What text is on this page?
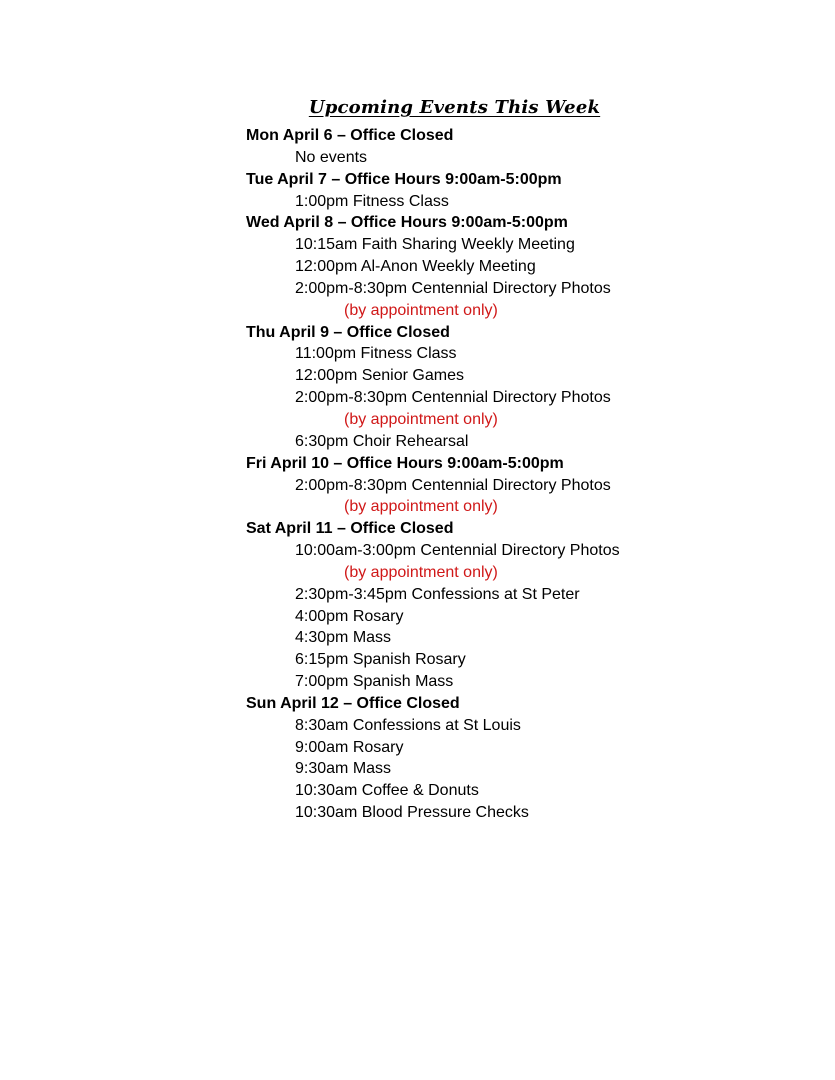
Upcoming Events This Week
Mon April 6 – Office Closed
No events
Tue April 7 – Office Hours 9:00am-5:00pm
1:00pm Fitness Class
Wed April 8 – Office Hours 9:00am-5:00pm
10:15am Faith Sharing Weekly Meeting
12:00pm Al-Anon Weekly Meeting
2:00pm-8:30pm Centennial Directory Photos
(by appointment only)
Thu April 9 – Office Closed
11:00pm Fitness Class
12:00pm Senior Games
2:00pm-8:30pm Centennial Directory Photos
(by appointment only)
6:30pm Choir Rehearsal
Fri April 10 – Office Hours 9:00am-5:00pm
2:00pm-8:30pm Centennial Directory Photos
(by appointment only)
Sat April 11 – Office Closed
10:00am-3:00pm Centennial Directory Photos
(by appointment only)
2:30pm-3:45pm Confessions at St Peter
4:00pm Rosary
4:30pm Mass
6:15pm Spanish Rosary
7:00pm Spanish Mass
Sun April 12 – Office Closed
8:30am Confessions at St Louis
9:00am Rosary
9:30am Mass
10:30am Coffee & Donuts
10:30am Blood Pressure Checks
